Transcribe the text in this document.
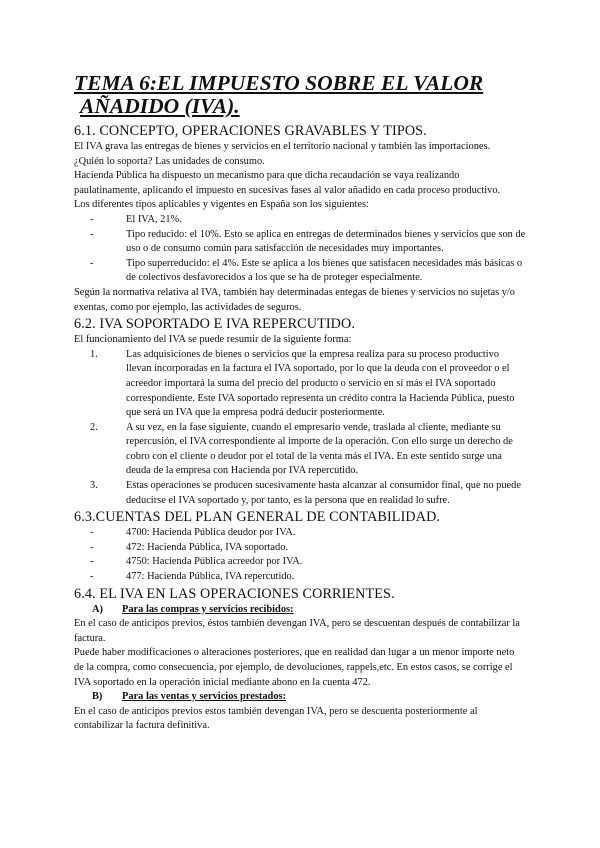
TEMA 6:EL IMPUESTO SOBRE EL VALOR
AÑADIDO (IVA).
6.1. CONCEPTO, OPERACIONES GRAVABLES Y TIPOS.

El IVA grava las entregas de bienes y servicios en el territorio nacional y también las importaciones.

¿Quién lo soporta? Las unidades de consumo.

Hacienda Pública ha dispuesto un mecanismo para que dicha recaudación se vaya realizando paulatinamente, aplicando el impuesto en sucesivas fases al valor añadido en cada proceso productivo.

Los diferentes tipos aplicables y vigentes en España son los siguientes:

-	El IVA, 21%.
-	Tipo reducido: el 10%. Esto se aplica en entregas de determinados bienes y servicios que son de uso o de consumo común para satisfacción de necesidades muy importantes.
-	Tipo superreducido: el 4%. Este se aplica a los bienes que satisfacen necesidades más básicas o de colectivos desfavorecidos a los que se ha de proteger especialmente.

Según la normativa relativa al IVA, también hay determinadas entegas de bienes y servicios no sujetas y/o exentas, como por ejemplo, las actividades de seguros.

6.2. IVA SOPORTADO E IVA REPERCUTIDO.

El funcionamiento del IVA se puede resumir de la siguiente forma:

1.	Las adquisiciones de bienes o servicios que la empresa realiza para su proceso productivo llevan incorporadas en la factura el IVA soportado, por lo que la deuda con el proveedor o el acreedor importará la suma del precio del producto o servicio en sí más el IVA soportado correspondiente. Este IVA soportado representa un crédito contra la Hacienda Pública, puesto que será un IVA que la empresa podrá deducir posteriormente.
2.	A su vez, en la fase siguiente, cuando el empresario vende, traslada al cliente, mediante su repercusión, el IVA correspondiente al importe de la operación. Con ello surge un derecho de cobro con el cliente o deudor por el total de la venta más el IVA. En este sentido surge una deuda de la empresa con Hacienda por IVA repercutido.
3.	Estas operaciones se producen sucesivamente hasta alcanzar al consumidor final, que no puede deducirse el IVA soportado y, por tanto, es la persona que en realidad lo sufre.
6.3.CUENTAS DEL PLAN GENERAL DE CONTABILIDAD.
-	4700: Hacienda Pública deudor por IVA.
-	472: Hacienda Pública, IVA soportado.
-	4750: Hacienda Pública acreedor por IVA.
-	477: Hacienda Pública, IVA repercutido.
6.4. EL IVA EN LAS OPERACIONES CORRIENTES.
A) Para las compras y servicios recibidos:

En el caso de anticipos previos, éstos también devengan IVA, pero se descuentan después de contabilizar la factura.

Puede haber modificaciones o alteraciones posteriores, que en realidad dan lugar a un menor importe neto de la compra, como consecuencia, por ejemplo, de devoluciones, rappels,etc. En estos casos, se corrige el IVA soportado en la operación inicial mediante abono en la cuenta 472.

B) Para las ventas y servicios prestados:

En el caso de anticipos previos estos también devengan IVA, pero se descuenta posteriormente al contabilizar la factura definitiva.
